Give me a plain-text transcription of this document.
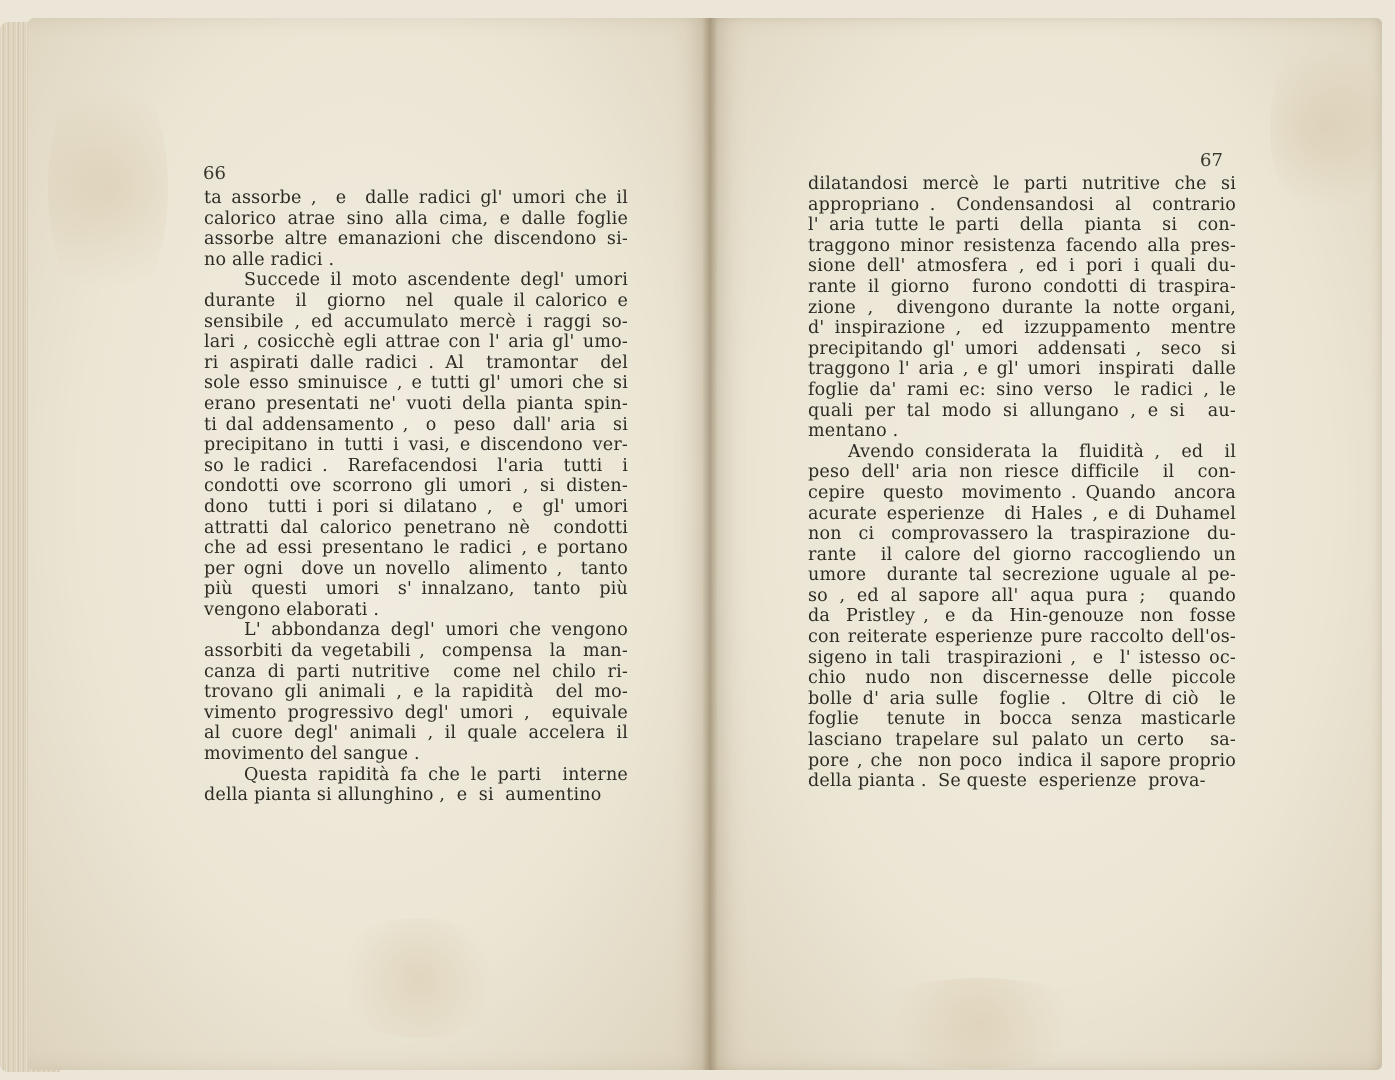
66
67
ta assorbe ,  e  dalle radici gl' umori che il
calorico atrae sino alla cima, e dalle foglie
assorbe altre emanazioni che discendono si-
no alle radici .
Succede il moto ascendente degl' umori
durante  il  giorno  nel  quale il calorico e
sensibile , ed accumulato mercè i raggi so-
lari , cosicchè egli attrae con l' aria gl' umo-
ri aspirati dalle radici . Al  tramontar  del
sole esso sminuisce , e tutti gl' umori che si
erano presentati ne' vuoti della pianta spin-
ti dal addensamento ,  o  peso  dall' aria  si
precipitano in tutti i vasi, e discendono ver-
so le radici .  Rarefacendosi  l'aria  tutti  i
condotti ove scorrono gli umori , si disten-
dono  tutti i pori si dilatano ,  e  gl' umori
attratti dal calorico penetrano nè  condotti
che ad essi presentano le radici , e portano
per ogni  dove un novello  alimento ,  tanto
più  questi  umori  s' innalzano,  tanto  più
vengono elaborati .
L' abbondanza degl' umori che vengono
assorbiti da vegetabili ,  compensa  la  man-
canza di parti nutritive  come nel chilo ri-
trovano gli animali , e la rapidità  del mo-
vimento progressivo degl' umori ,  equivale
al cuore degl' animali , il quale accelera il
movimento del sangue .
Questa rapidità fa che le parti  interne
della pianta si allunghino ,  e  si  aumentino
dilatandosi mercè le parti nutritive che si
appropriano .  Condensandosi  al  contrario
l' aria tutte le parti  della  pianta  si  con-
traggono minor resistenza facendo alla pres-
sione dell' atmosfera , ed i pori i quali du-
rante il giorno  furono condotti di traspira-
zione ,  divengono durante la notte organi,
d' inspirazione ,  ed  izzuppamento  mentre
precipitando gl' umori  addensati ,  seco  si
traggono l' aria , e gl' umori  inspirati  dalle
foglie da' rami ec: sino verso  le radici , le
quali per tal modo si allungano , e si  au-
mentano .
Avendo considerata la  fluidità ,  ed  il
peso dell' aria non riesce difficile  il  con-
cepire  questo  movimento . Quando  ancora
acurate esperienze  di Hales , e di Duhamel
non  ci  comprovassero la  traspirazione  du-
rante  il calore del giorno raccogliendo un
umore  durante tal secrezione uguale al pe-
so , ed al sapore all' aqua pura ;  quando
da  Pristley ,  e  da  Hin-genouze  non  fosse
con reiterate esperienze pure raccolto dell'os-
sigeno in tali  traspirazioni ,  e  l' istesso oc-
chio  nudo  non  discernesse  delle  piccole
bolle d' aria sulle  foglie .  Oltre di ciò  le
foglie   tenute  in  bocca  senza  masticarle
lasciano trapelare sul palato un certo  sa-
pore , che  non poco  indica il sapore proprio
della pianta .  Se queste  esperienze  prova-
